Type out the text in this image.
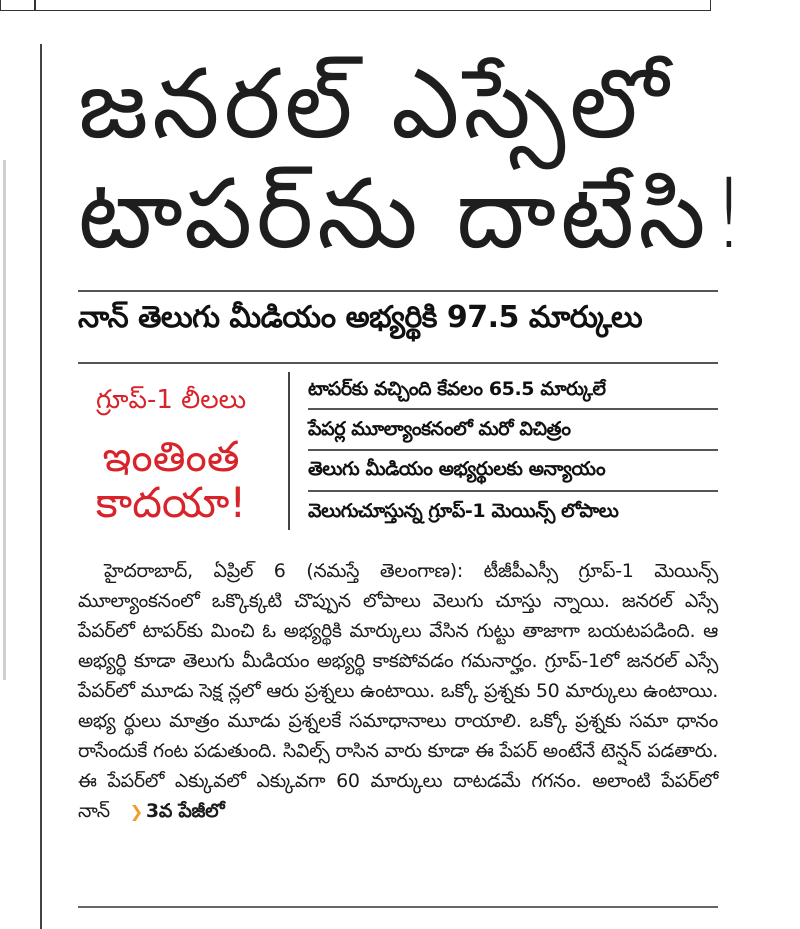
జనరల్ ఎస్సేలో
టాపర్‌ను దాటేసి!
నాన్ తెలుగు మీడియం అభ్యర్థికి 97.5 మార్కులు
గ్రూప్-1 లీలలు
ఇంతింత
కాదయా!
టాపర్‌కు వచ్చింది కేవలం 65.5 మార్కులే
పేపర్ల మూల్యాంకనంలో మరో విచిత్రం
తెలుగు మీడియం అభ్యర్థులకు అన్యాయం
వెలుగుచూస్తున్న గ్రూప్-1 మెయిన్స్ లోపాలు

హైదరాబాద్, ఏప్రిల్ 6 (నమస్తే తెలంగాణ): టీజీపీఎస్సీ గ్రూప్-1 మెయిన్స్ మూల్యాంకనంలో ఒక్కొక్కటి చొప్పున లోపాలు వెలుగు చూస్తు న్నాయి. జనరల్ ఎస్సే పేపర్‌లో టాపర్‌కు మించి ఓ అభ్యర్థికి మార్కులు వేసిన గుట్టు తాజాగా బయటపడింది. ఆ అభ్యర్థి కూడా తెలుగు మీడియం అభ్యర్థి కాకపోవడం గమనార్హం. గ్రూప్-1లో జనరల్ ఎస్సే పేపర్‌లో మూడు సెక్ష న్లలో ఆరు ప్రశ్నలు ఉంటాయి. ఒక్కో ప్రశ్నకు 50 మార్కులు ఉంటాయి. అభ్య ర్థులు మాత్రం మూడు ప్రశ్నలకే సమాధానాలు రాయాలి. ఒక్కో ప్రశ్నకు సమా ధానం రాసేందుకే గంట పడుతుంది. సివిల్స్ రాసిన వారు కూడా ఈ పేపర్ అంటేనే టెన్షన్ పడతారు. ఈ పేపర్‌లో ఎక్కువలో ఎక్కువగా 60 మార్కులు దాటడమే గగనం. అలాంటి పేపర్‌లో నాన్ ❯ 3వ పేజీలో
